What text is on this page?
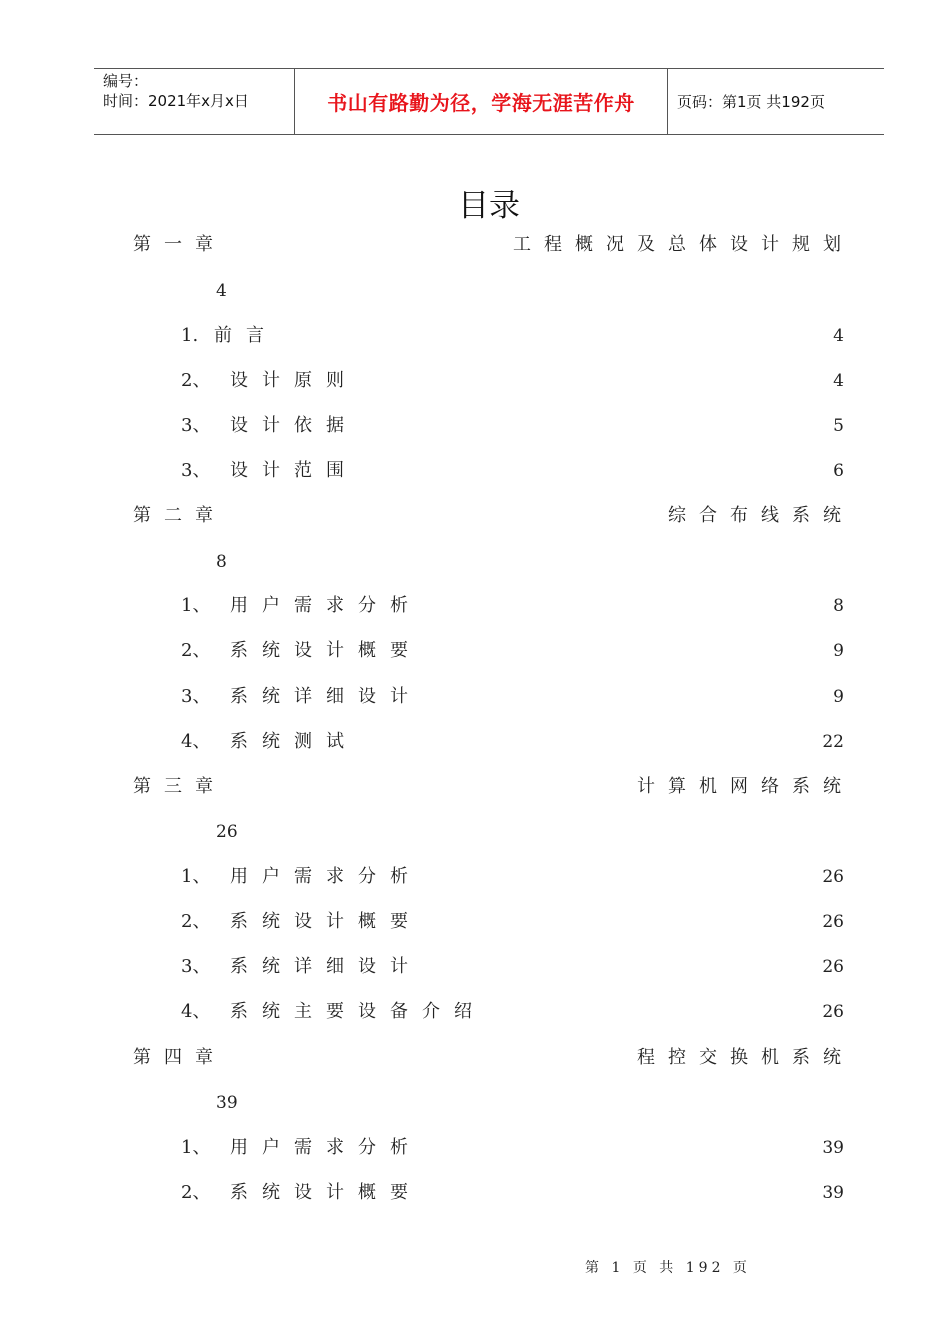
编号：
时间：2021年x月x日	书山有路勤为径，学海无涯苦作舟	页码：第1页 共192页
目录
第一章	工程概况及总体设计规划
4
1. 前言	4
2、 设计原则	4
3、 设计依据	5
3、 设计范围	6
第二章	综合布线系统
8
1、 用户需求分析	8
2、 系统设计概要	9
3、 系统详细设计	9
4、 系统测试	22
第三章	计算机网络系统
26
1、 用户需求分析	26
2、 系统设计概要	26
3、 系统详细设计	26
4、 系统主要设备介绍	26
第四章	程控交换机系统
39
1、 用户需求分析	39
2、 系统设计概要	39
第 1 页 共 192 页
